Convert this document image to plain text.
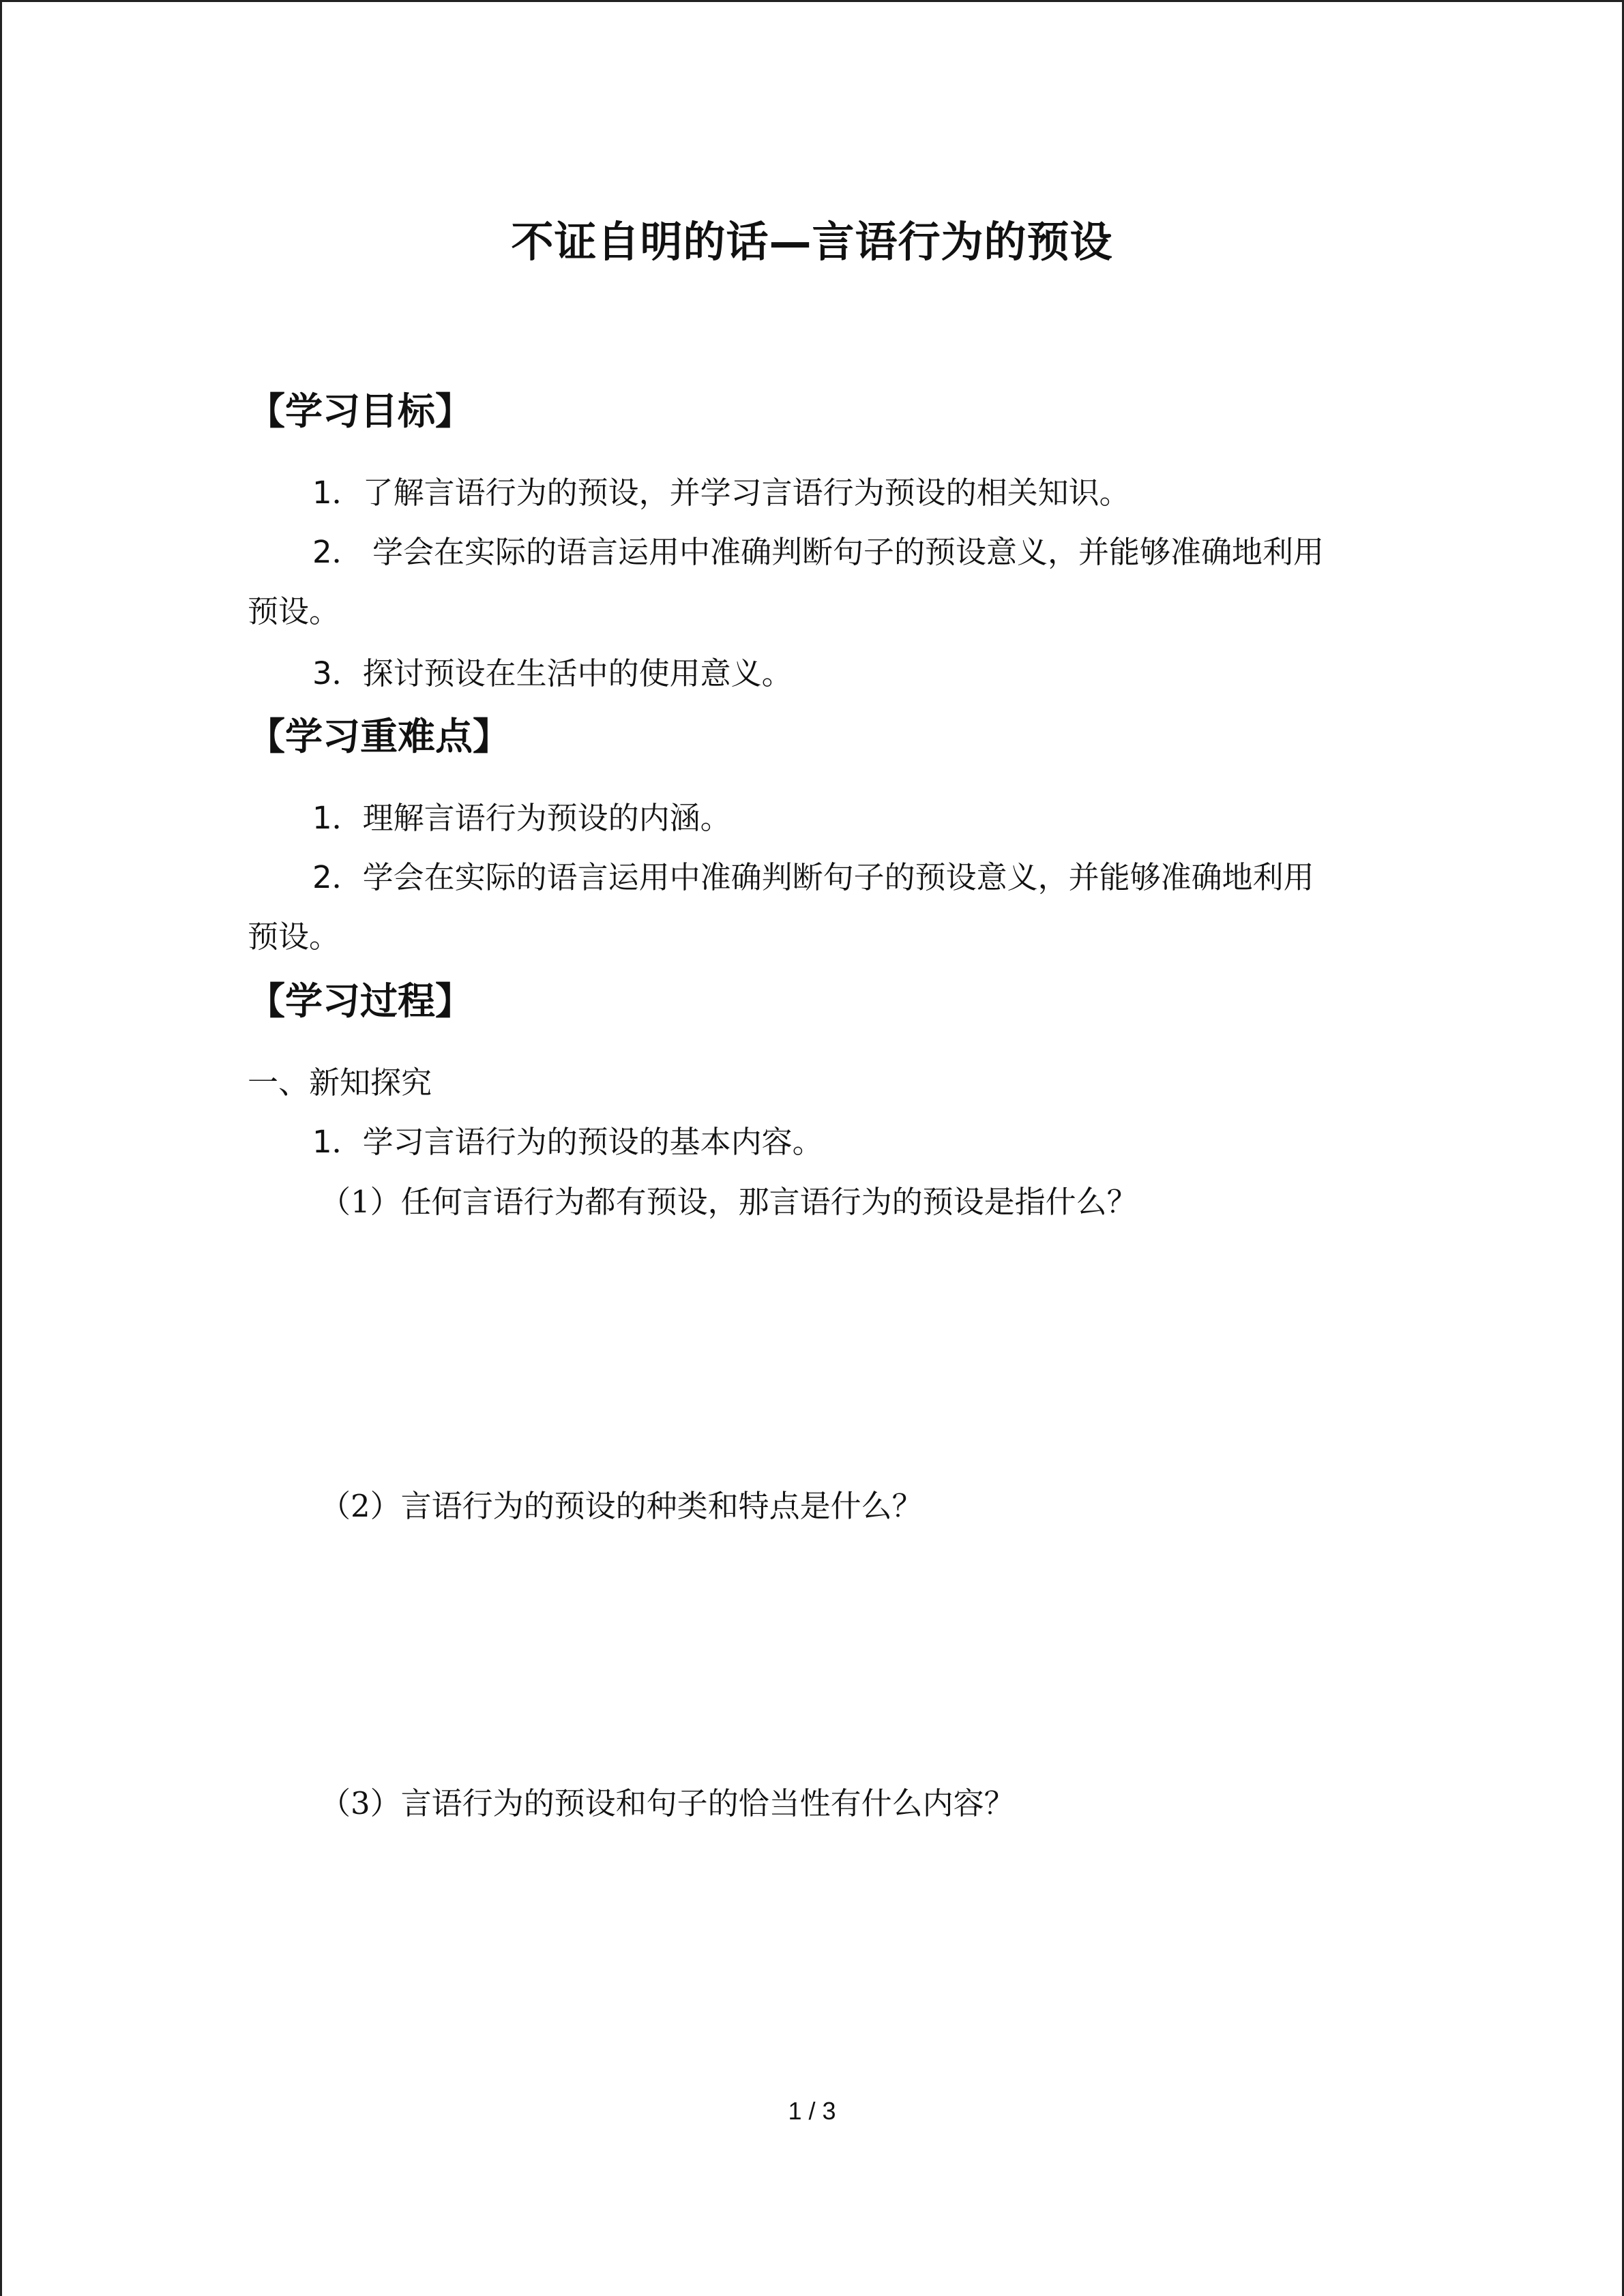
不证自明的话—言语行为的预设
【学习目标】
1．了解言语行为的预设，并学习言语行为预设的相关知识。
2． 学会在实际的语言运用中准确判断句子的预设意义，并能够准确地利用
预设。
3．探讨预设在生活中的使用意义。
【学习重难点】
1．理解言语行为预设的内涵。
2．学会在实际的语言运用中准确判断句子的预设意义，并能够准确地利用
预设。
【学习过程】
一、新知探究
1．学习言语行为的预设的基本内容。
（1）任何言语行为都有预设，那言语行为的预设是指什么？
（2）言语行为的预设的种类和特点是什么？
（3）言语行为的预设和句子的恰当性有什么内容？
1 / 3
